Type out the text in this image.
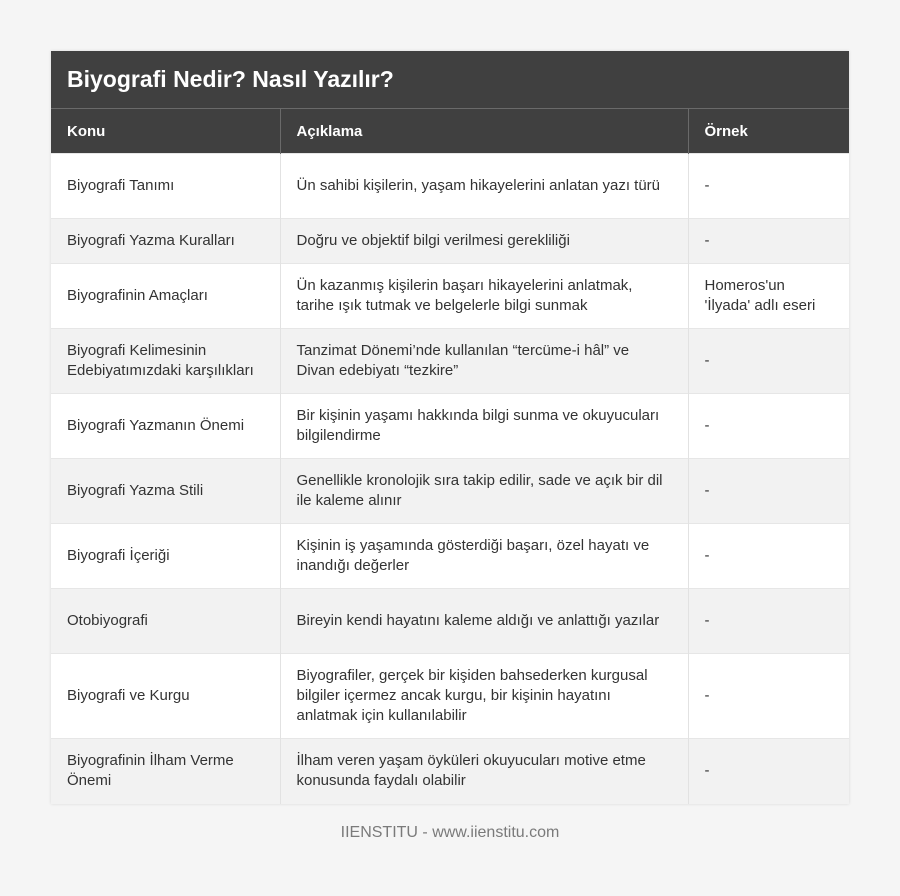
Biyografi Nedir? Nasıl Yazılır?
Konu	Açıklama	Örnek
Biyografi Tanımı	Ün sahibi kişilerin, yaşam hikayelerini anlatan yazı türü	-
Biyografi Yazma Kuralları	Doğru ve objektif bilgi verilmesi gerekliliği	-
Biyografinin Amaçları	Ün kazanmış kişilerin başarı hikayelerini anlatmak, tarihe ışık tutmak ve belgelerle bilgi sunmak	Homeros'un 'İlyada' adlı eseri
Biyografi Kelimesinin Edebiyatımızdaki karşılıkları	Tanzimat Dönemi’nde kullanılan “tercüme-i hâl” ve Divan edebiyatı “tezkire”	-
Biyografi Yazmanın Önemi	Bir kişinin yaşamı hakkında bilgi sunma ve okuyucuları bilgilendirme	-
Biyografi Yazma Stili	Genellikle kronolojik sıra takip edilir, sade ve açık bir dil ile kaleme alınır	-
Biyografi İçeriği	Kişinin iş yaşamında gösterdiği başarı, özel hayatı ve inandığı değerler	-
Otobiyografi	Bireyin kendi hayatını kaleme aldığı ve anlattığı yazılar	-
Biyografi ve Kurgu	Biyografiler, gerçek bir kişiden bahsederken kurgusal bilgiler içermez ancak kurgu, bir kişinin hayatını anlatmak için kullanılabilir	-
Biyografinin İlham Verme Önemi	İlham veren yaşam öyküleri okuyucuları motive etme konusunda faydalı olabilir	-
IIENSTITU - www.iienstitu.com
